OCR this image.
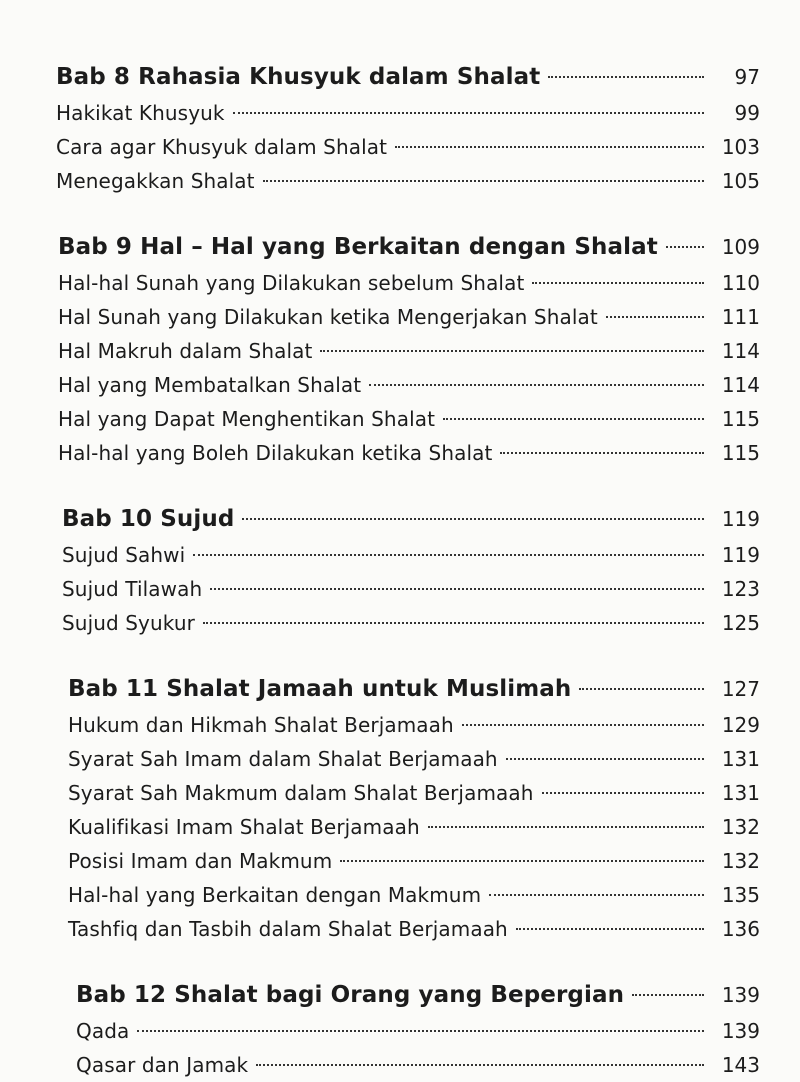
Bab 8 Rahasia Khusyuk dalam Shalat	97
Hakikat Khusyuk	99
Cara agar Khusyuk dalam Shalat	103
Menegakkan Shalat	105
Bab 9 Hal – Hal yang Berkaitan dengan Shalat	109
Hal-hal Sunah yang Dilakukan sebelum Shalat	110
Hal Sunah yang Dilakukan ketika Mengerjakan Shalat	111
Hal Makruh dalam Shalat	114
Hal yang Membatalkan Shalat	114
Hal yang Dapat Menghentikan Shalat	115
Hal-hal yang Boleh Dilakukan ketika Shalat	115
Bab 10 Sujud	119
Sujud Sahwi	119
Sujud Tilawah	123
Sujud Syukur	125
Bab 11 Shalat Jamaah untuk Muslimah	127
Hukum dan Hikmah Shalat Berjamaah	129
Syarat Sah Imam dalam Shalat Berjamaah	131
Syarat Sah Makmum dalam Shalat Berjamaah	131
Kualifikasi Imam Shalat Berjamaah	132
Posisi Imam dan Makmum	132
Hal-hal yang Berkaitan dengan Makmum	135
Tashfiq dan Tasbih dalam Shalat Berjamaah	136
Bab 12 Shalat bagi Orang yang Bepergian	139
Qada	139
Qasar dan Jamak	143
